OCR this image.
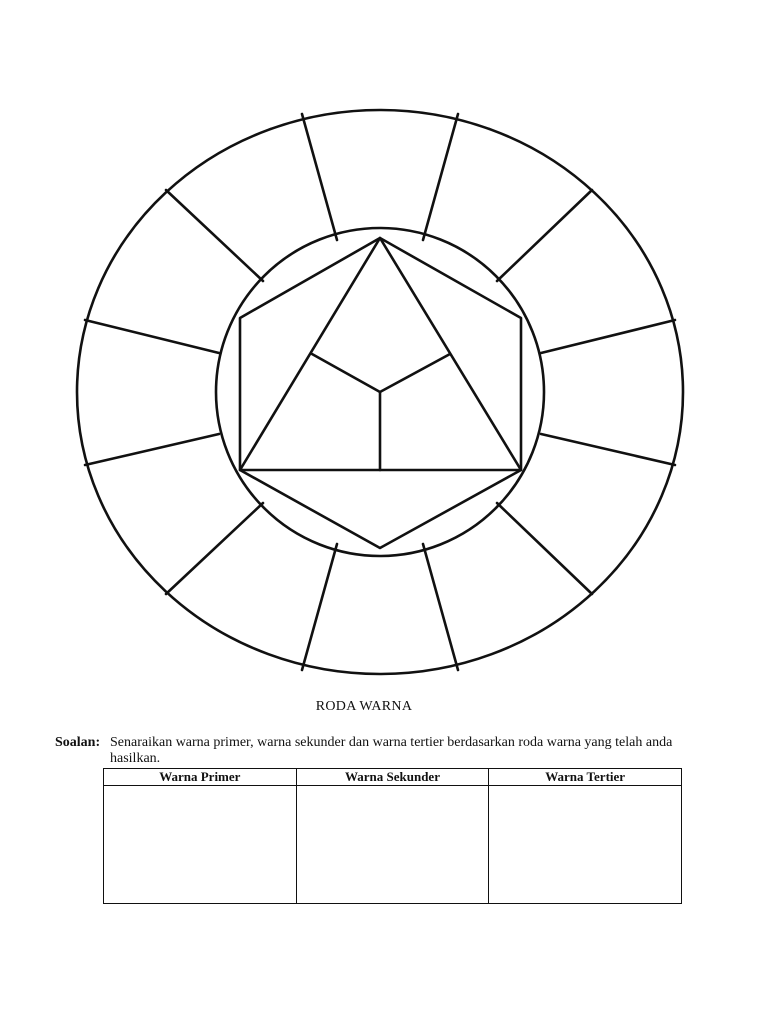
RODA WARNA
Soalan: Senaraikan warna primer, warna sekunder dan warna tertier berdasarkan roda warna yang telah anda hasilkan.
Warna Primer	Warna Sekunder	Warna Tertier
